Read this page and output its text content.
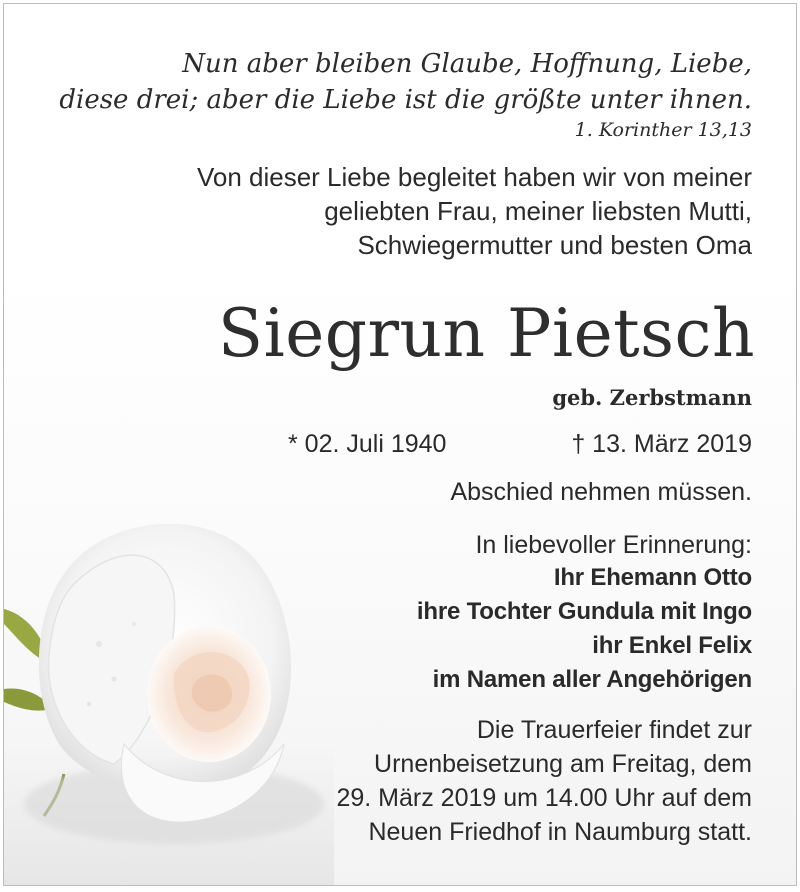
Nun aber bleiben Glaube, Hoffnung, Liebe,
diese drei; aber die Liebe ist die größte unter ihnen.
1. Korinther 13,13
Von dieser Liebe begleitet haben wir von meiner
geliebten Frau, meiner liebsten Mutti,
Schwiegermutter und besten Oma
Siegrun Pietsch
geb. Zerbstmann
* 02. Juli 1940	† 13. März 2019
Abschied nehmen müssen.
In liebevoller Erinnerung:
Ihr Ehemann Otto
ihre Tochter Gundula mit Ingo
ihr Enkel Felix
im Namen aller Angehörigen
Die Trauerfeier findet zur
Urnenbeisetzung am Freitag, dem
29. März 2019 um 14.00 Uhr auf dem
Neuen Friedhof in Naumburg statt.
